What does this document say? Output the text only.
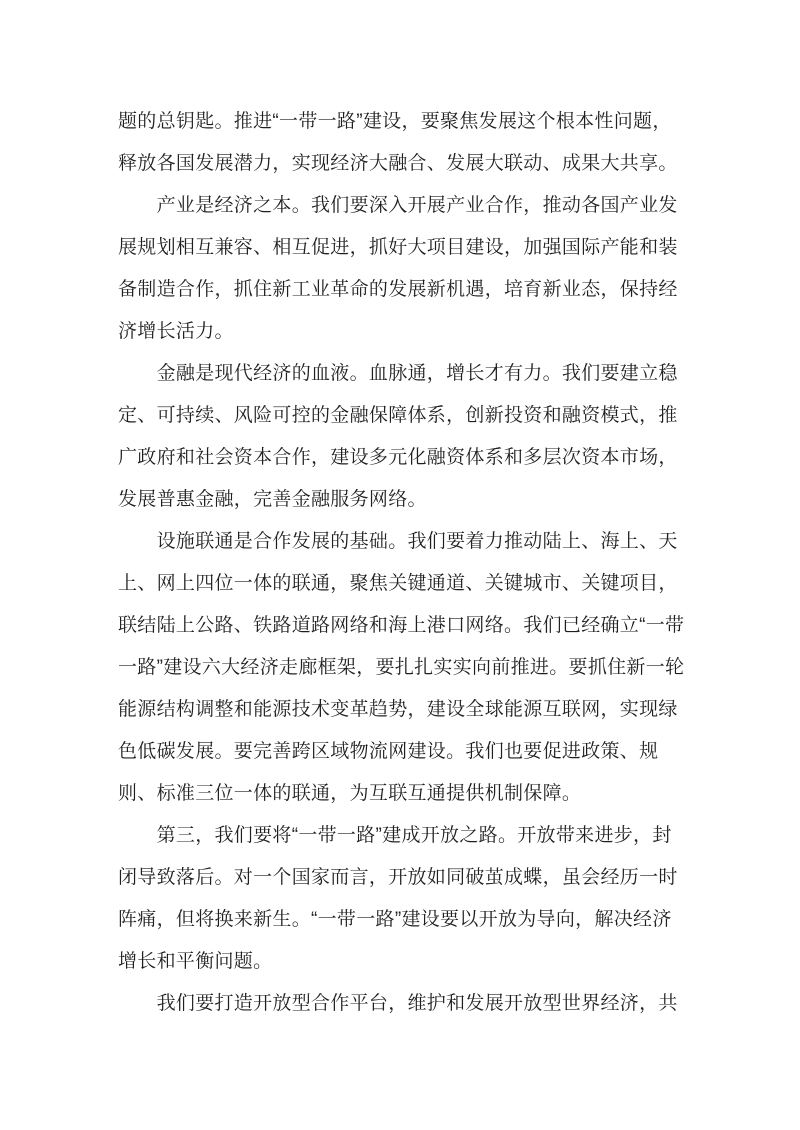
题的总钥匙。推进“一带一路”建设，要聚焦发展这个根本性问题，
释放各国发展潜力，实现经济大融合、发展大联动、成果大共享。
　　产业是经济之本。我们要深入开展产业合作，推动各国产业发
展规划相互兼容、相互促进，抓好大项目建设，加强国际产能和装
备制造合作，抓住新工业革命的发展新机遇，培育新业态，保持经
济增长活力。
　　金融是现代经济的血液。血脉通，增长才有力。我们要建立稳
定、可持续、风险可控的金融保障体系，创新投资和融资模式，推
广政府和社会资本合作，建设多元化融资体系和多层次资本市场，
发展普惠金融，完善金融服务网络。
　　设施联通是合作发展的基础。我们要着力推动陆上、海上、天
上、网上四位一体的联通，聚焦关键通道、关键城市、关键项目，
联结陆上公路、铁路道路网络和海上港口网络。我们已经确立“一带
一路”建设六大经济走廊框架，要扎扎实实向前推进。要抓住新一轮
能源结构调整和能源技术变革趋势，建设全球能源互联网，实现绿
色低碳发展。要完善跨区域物流网建设。我们也要促进政策、规
则、标准三位一体的联通，为互联互通提供机制保障。
　　第三，我们要将“一带一路”建成开放之路。开放带来进步，封
闭导致落后。对一个国家而言，开放如同破茧成蝶，虽会经历一时
阵痛，但将换来新生。“一带一路”建设要以开放为导向，解决经济
增长和平衡问题。
　　我们要打造开放型合作平台，维护和发展开放型世界经济，共
